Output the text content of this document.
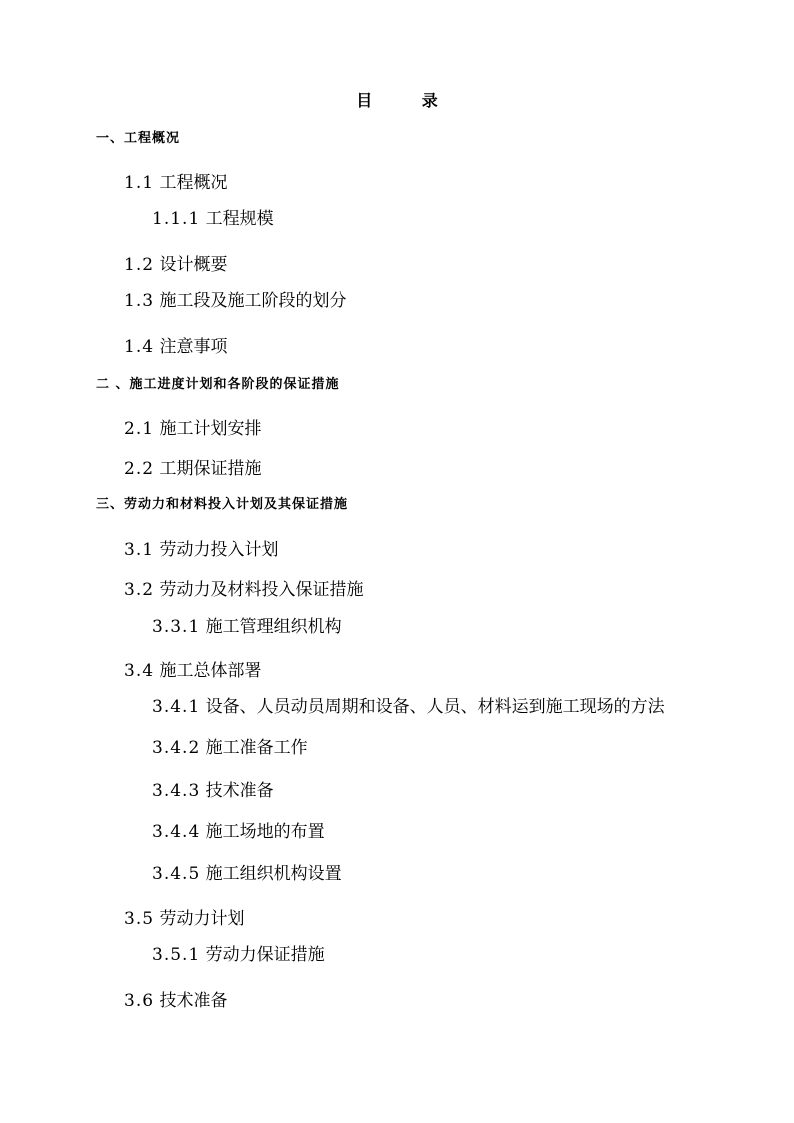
目 录
一、工程概况
1.1 工程概况
1.1.1 工程规模
1.2 设计概要
1.3 施工段及施工阶段的划分
1.4 注意事项
二 、施工进度计划和各阶段的保证措施
2.1 施工计划安排
2.2 工期保证措施
三、劳动力和材料投入计划及其保证措施
3.1 劳动力投入计划
3.2 劳动力及材料投入保证措施
3.3.1 施工管理组织机构
3.4 施工总体部署
3.4.1 设备、人员动员周期和设备、人员、材料运到施工现场的方法
3.4.2 施工准备工作
3.4.3 技术准备
3.4.4 施工场地的布置
3.4.5 施工组织机构设置
3.5 劳动力计划
3.5.1 劳动力保证措施
3.6 技术准备
